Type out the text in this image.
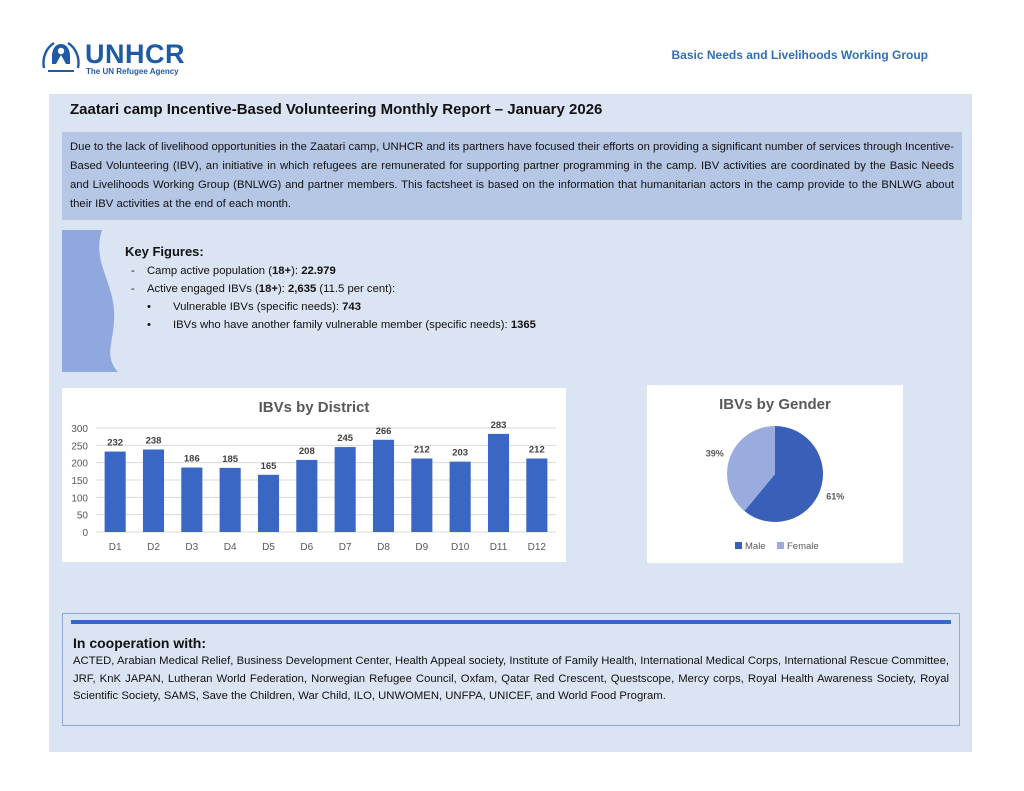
UNHCR
The UN Refugee Agency
Basic Needs and Livelihoods Working Group
Zaatari camp Incentive-Based Volunteering Monthly Report – January 2026
Due to the lack of livelihood opportunities in the Zaatari camp, UNHCR and its partners have focused their efforts on providing a significant number of services through Incentive-Based Volunteering (IBV), an initiative in which refugees are remunerated for supporting partner programming in the camp. IBV activities are coordinated by the Basic Needs and Livelihoods Working Group (BNLWG) and partner members. This factsheet is based on the information that humanitarian actors in the camp provide to the BNLWG about their IBV activities at the end of each month.
Key Figures:
-	Camp active population (18+): 22.979
-	Active engaged IBVs (18+): 2,635 (11.5 per cent):
•	Vulnerable IBVs (specific needs): 743
•	IBVs who have another family vulnerable member (specific needs): 1365
IBVs by District
0
50
100
150
200
250
300
232
D1
238
D2
186
D3
185
D4
165
D5
208
D6
245
D7
266
D8
212
D9
203
D10
283
D11
212
D12
IBVs by Gender
61%
39%
Male Female
In cooperation with:
ACTED, Arabian Medical Relief, Business Development Center, Health Appeal society, Institute of Family Health, International Medical Corps, International Rescue Committee, JRF, KnK JAPAN, Lutheran World Federation, Norwegian Refugee Council, Oxfam, Qatar Red Crescent, Questscope, Mercy corps, Royal Health Awareness Society, Royal Scientific Society, SAMS, Save the Children, War Child, ILO, UNWOMEN, UNFPA, UNICEF, and World Food Program.
